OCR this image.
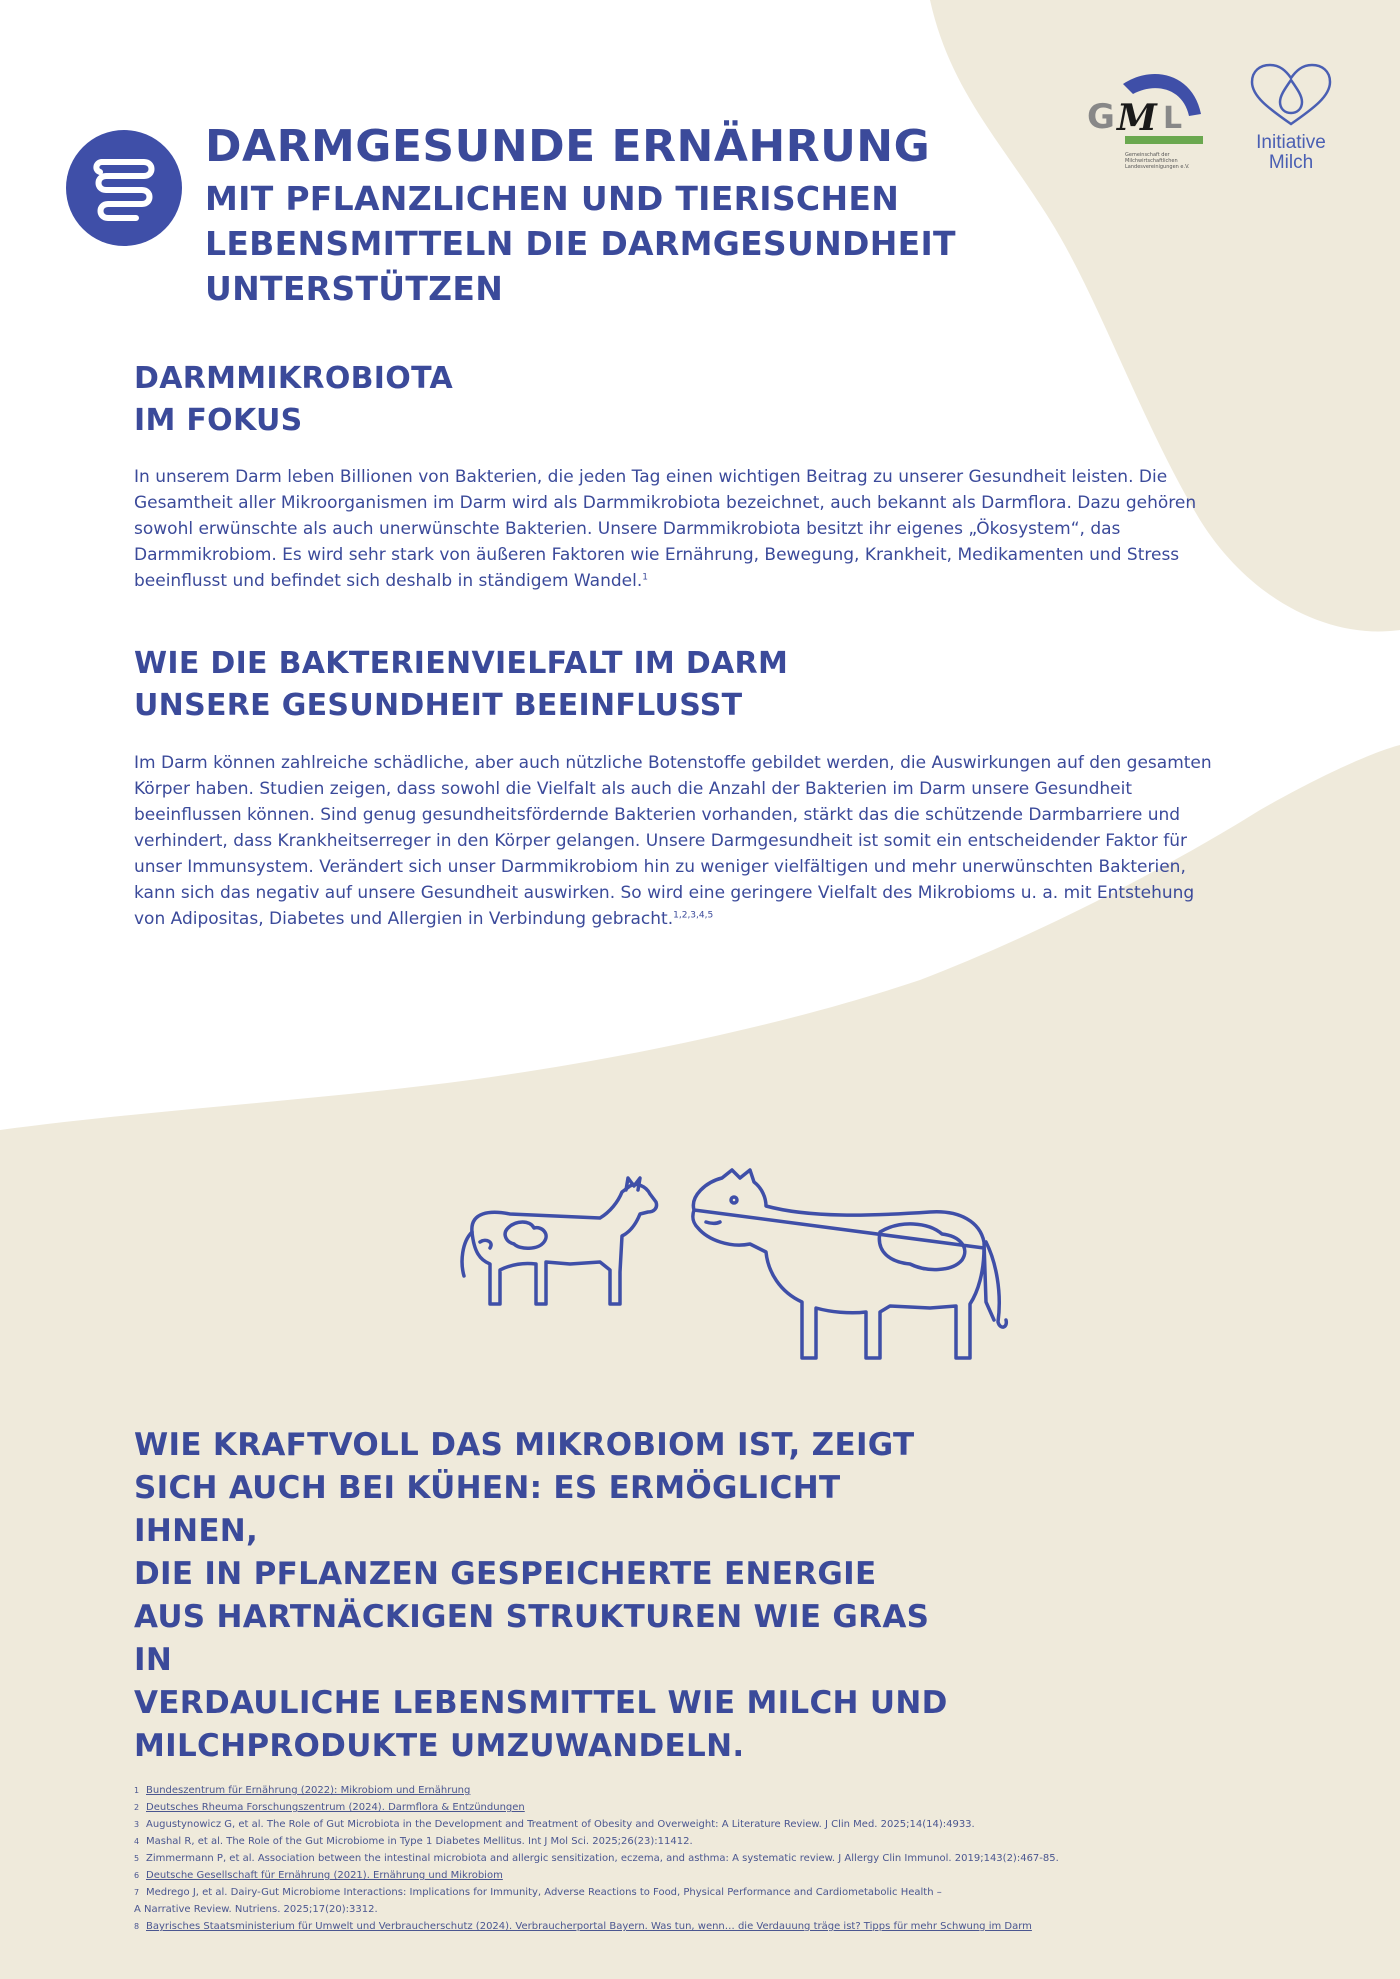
DARMGESUNDE ERNÄHRUNG

MIT PFLANZLICHEN UND TIERISCHEN
LEBENSMITTELN DIE DARMGESUNDHEIT
UNTERSTÜTZEN

G M L
Gemeinschaft der
Milchwirtschaftlichen
Landesvereinigungen e.V.
Initiative
Milch
DARMMIKROBIOTA
IM FOKUS

In unserem Darm leben Billionen von Bakterien, die jeden Tag einen wichtigen Beitrag zu unserer Gesundheit leisten. Die Gesamtheit aller Mikroorganismen im Darm wird als Darmmikrobiota bezeichnet, auch bekannt als Darmflora. Dazu gehören sowohl erwünschte als auch unerwünschte Bakterien. Unsere Darmmikrobiota besitzt ihr eigenes „Ökosystem“, das Darmmikrobiom. Es wird sehr stark von äußeren Faktoren wie Ernährung, Bewegung, Krankheit, Medikamenten und Stress beeinflusst und befindet sich deshalb in ständigem Wandel.$^1$

WIE DIE BAKTERIENVIELFALT IM DARM
UNSERE GESUNDHEIT BEEINFLUSST

Im Darm können zahlreiche schädliche, aber auch nützliche Botenstoffe gebildet werden, die Auswirkungen auf den gesamten Körper haben. Studien zeigen, dass sowohl die Vielfalt als auch die Anzahl der Bakterien im Darm unsere Gesundheit beeinflussen können. Sind genug gesundheitsfördernde Bakterien vorhanden, stärkt das die schützende Darmbarriere und verhindert, dass Krankheitserreger in den Körper gelangen. Unsere Darmgesundheit ist somit ein entscheidender Faktor für unser Immunsystem. Verändert sich unser Darmmikrobiom hin zu weniger vielfältigen und mehr unerwünschten Bakterien, kann sich das negativ auf unsere Gesundheit auswirken. So wird eine geringere Vielfalt des Mikrobioms u. a. mit Entstehung von Adipositas, Diabetes und Allergien in Verbindung gebracht.$^{1,2,3,4,5}$

WIE KRAFTVOLL DAS MIKROBIOM IST, ZEIGT

SICH AUCH BEI KÜHEN: ES ERMÖGLICHT IHNEN,

DIE IN PFLANZEN GESPEICHERTE ENERGIE

AUS HARTNÄCKIGEN STRUKTUREN WIE GRAS IN

VERDAULICHE LEBENSMITTEL WIE MILCH UND

MILCHPRODUKTE UMZUWANDELN.

1 Bundeszentrum für Ernährung (2022): Mikrobiom und Ernährung
2 Deutsches Rheuma Forschungszentrum (2024). Darmflora & Entzündungen
3 Augustynowicz G, et al. The Role of Gut Microbiota in the Development and Treatment of Obesity and Overweight: A Literature Review. J Clin Med. 2025;14(14):4933.
4 Mashal R, et al. The Role of the Gut Microbiome in Type 1 Diabetes Mellitus. Int J Mol Sci. 2025;26(23):11412.
5 Zimmermann P, et al. Association between the intestinal microbiota and allergic sensitization, eczema, and asthma: A systematic review. J Allergy Clin Immunol. 2019;143(2):467-85.
6 Deutsche Gesellschaft für Ernährung (2021). Ernährung und Mikrobiom
7 Medrego J, et al. Dairy-Gut Microbiome Interactions: Implications for Immunity, Adverse Reactions to Food, Physical Performance and Cardiometabolic Health –
A Narrative Review. Nutriens. 2025;17(20):3312.
8 Bayrisches Staatsministerium für Umwelt und Verbraucherschutz (2024). Verbraucherportal Bayern. Was tun, wenn… die Verdauung träge ist? Tipps für mehr Schwung im Darm
